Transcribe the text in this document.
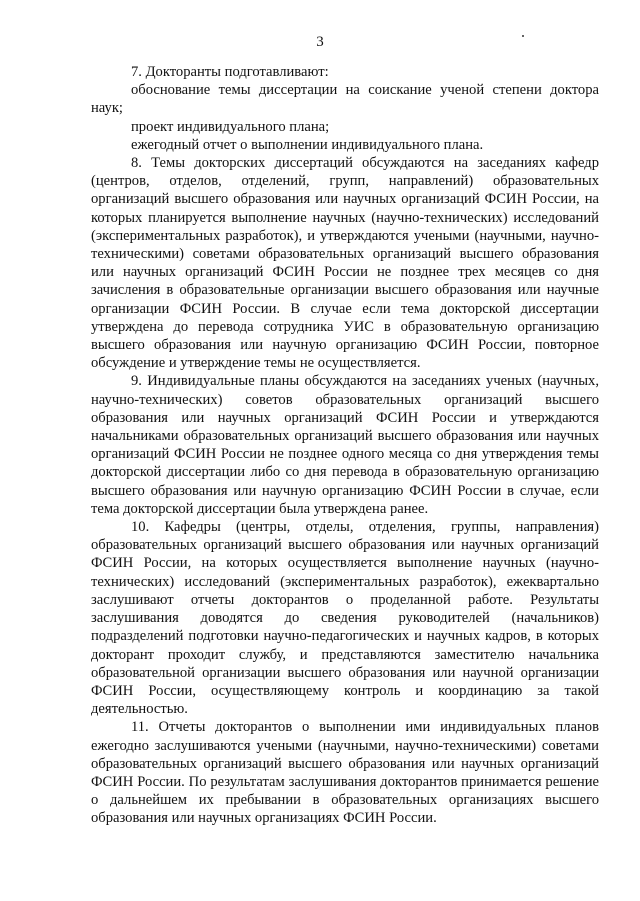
3

7. Докторанты подготавливают:

обоснование темы диссертации на соискание ученой степени доктора наук;

проект индивидуального плана;

ежегодный отчет о выполнении индивидуального плана.

8. Темы докторских диссертаций обсуждаются на заседаниях кафедр (центров, отделов, отделений, групп, направлений) образовательных организаций высшего образования или научных организаций ФСИН России, на которых планируется выполнение научных (научно-технических) исследований (экспериментальных разработок), и утверждаются учеными (научными, научно-техническими) советами образовательных организаций высшего образования или научных организаций ФСИН России не позднее трех месяцев со дня зачисления в образовательные организации высшего образования или научные организации ФСИН России. В случае если тема докторской диссертации утверждена до перевода сотрудника УИС в образовательную организацию высшего образования или научную организацию ФСИН России, повторное обсуждение и утверждение темы не осуществляется.

9. Индивидуальные планы обсуждаются на заседаниях ученых (научных, научно-технических) советов образовательных организаций высшего образования или научных организаций ФСИН России и утверждаются начальниками образовательных организаций высшего образования или научных организаций ФСИН России не позднее одного месяца со дня утверждения темы докторской диссертации либо со дня перевода в образовательную организацию высшего образования или научную организацию ФСИН России в случае, если тема докторской диссертации была утверждена ранее.

10. Кафедры (центры, отделы, отделения, группы, направления) образовательных организаций высшего образования или научных организаций ФСИН России, на которых осуществляется выполнение научных (научно-технических) исследований (экспериментальных разработок), ежеквартально заслушивают отчеты докторантов о проделанной работе. Результаты заслушивания доводятся до сведения руководителей (начальников) подразделений подготовки научно-педагогических и научных кадров, в которых докторант проходит службу, и представляются заместителю начальника образовательной организации высшего образования или научной организации ФСИН России, осуществляющему контроль и координацию за такой деятельностью.

11. Отчеты докторантов о выполнении ими индивидуальных планов ежегодно заслушиваются учеными (научными, научно-техническими) советами образовательных организаций высшего образования или научных организаций ФСИН России. По результатам заслушивания докторантов принимается решение о дальнейшем их пребывании в образовательных организациях высшего образования или научных организациях ФСИН России.
